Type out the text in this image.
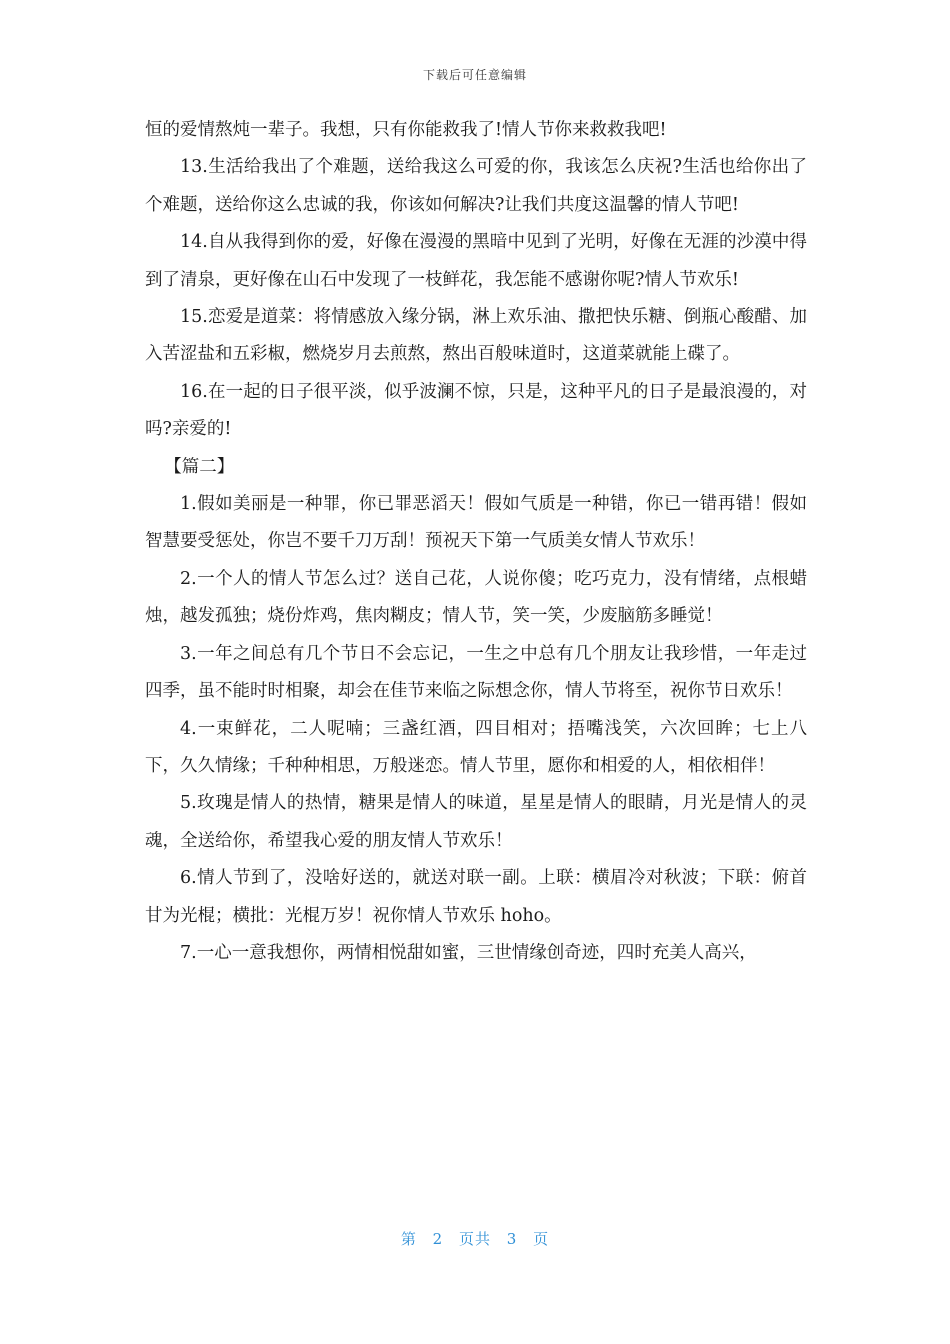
下载后可任意编辑

恒的爱情熬炖一辈子。我想，只有你能救我了!情人节你来救救我吧!

13.生活给我出了个难题，送给我这么可爱的你，我该怎么庆祝?生活也给你出了个难题，送给你这么忠诚的我，你该如何解决?让我们共度这温馨的情人节吧!

14.自从我得到你的爱，好像在漫漫的黑暗中见到了光明，好像在无涯的沙漠中得到了清泉，更好像在山石中发现了一枝鲜花，我怎能不感谢你呢?情人节欢乐!

15.恋爱是道菜：将情感放入缘分锅，淋上欢乐油、撒把快乐糖、倒瓶心酸醋、加入苦涩盐和五彩椒，燃烧岁月去煎熬，熬出百般味道时，这道菜就能上碟了。

16.在一起的日子很平淡，似乎波澜不惊，只是，这种平凡的日子是最浪漫的，对吗?亲爱的!

【篇二】

1.假如美丽是一种罪，你已罪恶滔天！假如气质是一种错，你已一错再错！假如智慧要受惩处，你岂不要千刀万刮！预祝天下第一气质美女情人节欢乐！

2.一个人的情人节怎么过？送自己花，人说你傻；吃巧克力，没有情绪，点根蜡烛，越发孤独；烧份炸鸡，焦肉糊皮；情人节，笑一笑，少废脑筋多睡觉！

3.一年之间总有几个节日不会忘记，一生之中总有几个朋友让我珍惜，一年走过四季，虽不能时时相聚，却会在佳节来临之际想念你，情人节将至，祝你节日欢乐！

4.一束鲜花，二人呢喃；三盏红酒，四目相对；捂嘴浅笑，六次回眸；七上八下，久久情缘；千种种相思，万般迷恋。情人节里，愿你和相爱的人，相依相伴！

5.玫瑰是情人的热情，糖果是情人的味道，星星是情人的眼睛，月光是情人的灵魂，全送给你，希望我心爱的朋友情人节欢乐！

6.情人节到了，没啥好送的，就送对联一副。上联：横眉冷对秋波；下联：俯首甘为光棍；横批：光棍万岁！祝你情人节欢乐 hoho。

7.一心一意我想你，两情相悦甜如蜜，三世情缘创奇迹，四时充美人高兴，

第 2 页共 3 页
